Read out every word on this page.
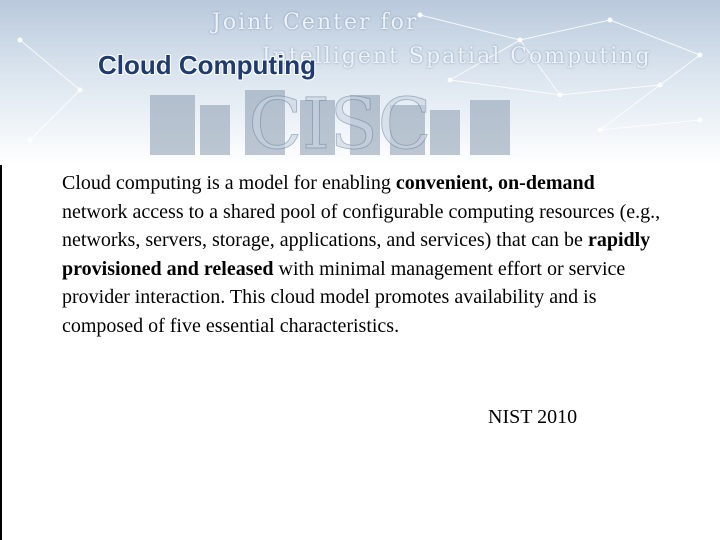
CISC
Joint Center for
Intelligent Spatial Computing
Cloud Computing
Cloud computing is a model for enabling convenient, on-demand network access to a shared pool of configurable computing resources (e.g., networks, servers, storage, applications, and services) that can be rapidly provisioned and released with minimal management effort or service provider interaction. This cloud model promotes availability and is composed of five essential characteristics.
NIST 2010
